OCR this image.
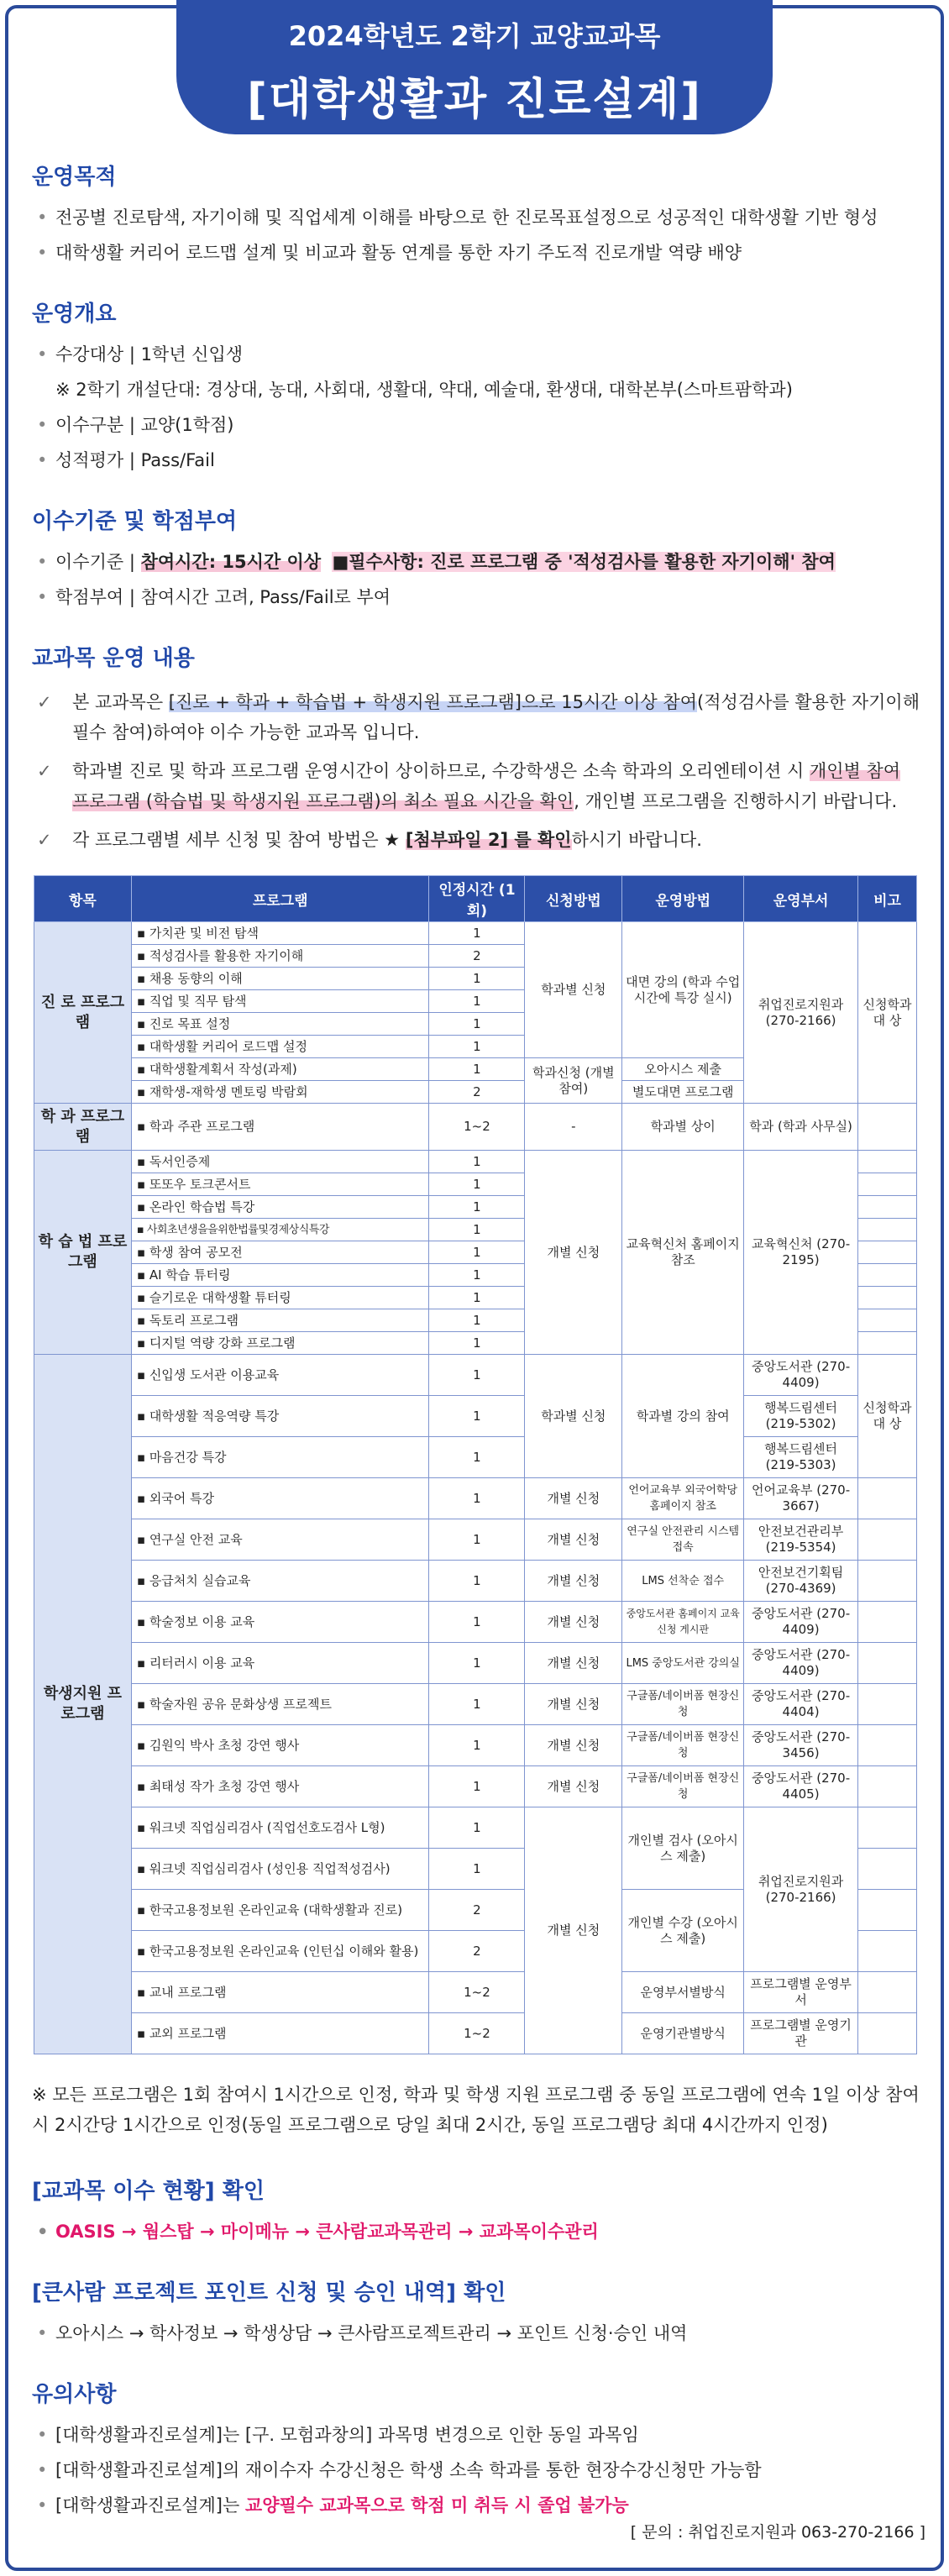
2024학년도 2학기 교양교과목
[대학생활과 진로설계]
운영목적
• 전공별 진로탐색, 자기이해 및 직업세계 이해를 바탕으로 한 진로목표설정으로 성공적인 대학생활 기반 형성
• 대학생활 커리어 로드맵 설계 및 비교과 활동 연계를 통한 자기 주도적 진로개발 역량 배양
운영개요
• 수강대상 | 1학년 신입생
※ 2학기 개설단대: 경상대, 농대, 사회대, 생활대, 약대, 예술대, 환생대, 대학본부(스마트팜학과)
• 이수구분 | 교양(1학점)
• 성적평가 | Pass/Fail
이수기준 및 학점부여
• 이수기준 | 참여시간: 15시간 이상 ■필수사항: 진로 프로그램 중 '적성검사를 활용한 자기이해' 참여
• 학점부여 | 참여시간 고려, Pass/Fail로 부여
교과목 운영 내용
✓ 본 교과목은 [진로 + 학과 + 학습법 + 학생지원 프로그램]으로 15시간 이상 참여(적성검사를 활용한 자기이해 필수 참여)하여야 이수 가능한 교과목 입니다.
✓ 학과별 진로 및 학과 프로그램 운영시간이 상이하므로, 수강학생은 소속 학과의 오리엔테이션 시 개인별 참여 프로그램 (학습법 및 학생지원 프로그램)의 최소 필요 시간을 확인, 개인별 프로그램을 진행하시기 바랍니다.
✓ 각 프로그램별 세부 신청 및 참여 방법은 ★ [첨부파일 2] 를 확인하시기 바랍니다.
항목	프로그램	인정시간 (1회)	신청방법	운영방법	운영부서	비고
진 로 프로그램	▪ 가치관 및 비전 탐색	1	학과별 신청	대면 강의 (학과 수업시간에 특강 실시)	취업진로지원과 (270-2166)	신청학과 대 상
	▪ 적성검사를 활용한 자기이해	2				
	▪ 채용 동향의 이해	1				
	▪ 직업 및 직무 탐색	1				
	▪ 진로 목표 설정	1				
	▪ 대학생활 커리어 로드맵 설정	1				
	▪ 대학생활계획서 작성(과제)	1	학과신청 (개별 참여)	오아시스 제출		
	▪ 재학생-재학생 멘토링 박람회	2		별도대면 프로그램		
학 과 프로그램	▪ 학과 주관 프로그램	1~2	-	학과별 상이	학과 (학과 사무실)	
학 습 법 프로그램	▪ 독서인증제	1	개별 신청	교육혁신처 홈페이지 참조	교육혁신처 (270-2195)	
	▪ 또또우 토크콘서트	1				
	▪ 온라인 학습법 특강	1				
	▪ 사회초년생을을위한법률및경제상식특강	1				
	▪ 학생 참여 공모전	1				
	▪ AI 학습 튜터링	1				
	▪ 슬기로운 대학생활 튜터링	1				
	▪ 독토리 프로그램	1				
	▪ 디지털 역량 강화 프로그램	1				
학생지원 프로그램	▪ 신입생 도서관 이용교육	1	학과별 신청	학과별 강의 참여	중앙도서관 (270-4409)	신청학과 대 상
	▪ 대학생활 적응역량 특강	1			행복드림센터 (219-5302)	
	▪ 마음건강 특강	1			행복드림센터 (219-5303)	
	▪ 외국어 특강	1	개별 신청	언어교육부 외국어학당 홈페이지 참조	언어교육부 (270-3667)	
	▪ 연구실 안전 교육	1	개별 신청	연구실 안전관리 시스템 접속	안전보건관리부 (219-5354)	
	▪ 응급처치 실습교육	1	개별 신청	LMS 선착순 접수	안전보건기획팀 (270-4369)	
	▪ 학술정보 이용 교육	1	개별 신청	중앙도서관 홈페이지 교육신청 게시판	중앙도서관 (270-4409)	
	▪ 리터러시 이용 교육	1	개별 신청	LMS 중앙도서관 강의실	중앙도서관 (270-4409)	
	▪ 학술자원 공유 문화상생 프로젝트	1	개별 신청	구글폼/네이버폼 현장신청	중앙도서관 (270-4404)	
	▪ 김원익 박사 초청 강연 행사	1	개별 신청	구글폼/네이버폼 현장신청	중앙도서관 (270-3456)	
	▪ 최태성 작가 초청 강연 행사	1	개별 신청	구글폼/네이버폼 현장신청	중앙도서관 (270-4405)	
	▪ 워크넷 직업심리검사 (직업선호도검사 L형)	1	개별 신청	개인별 검사 (오아시스 제출)	취업진로지원과 (270-2166)	
	▪ 워크넷 직업심리검사 (성인용 직업적성검사)	1				
	▪ 한국고용정보원 온라인교육 (대학생활과 진로)	2		개인별 수강 (오아시스 제출)		
	▪ 한국고용정보원 온라인교육 (인턴십 이해와 활용)	2				
	▪ 교내 프로그램	1~2		운영부서별방식	프로그램별 운영부서	
	▪ 교외 프로그램	1~2		운영기관별방식	프로그램별 운영기관	
※ 모든 프로그램은 1회 참여시 1시간으로 인정, 학과 및 학생 지원 프로그램 중 동일 프로그램에 연속 1일 이상 참여시 2시간당 1시간으로 인정(동일 프로그램으로 당일 최대 2시간, 동일 프로그램당 최대 4시간까지 인정)
[교과목 이수 현황] 확인
• OASIS → 웜스탑 → 마이메뉴 → 큰사람교과목관리 → 교과목이수관리
[큰사람 프로젝트 포인트 신청 및 승인 내역] 확인
• 오아시스 → 학사정보 → 학생상담 → 큰사람프로젝트관리 → 포인트 신청·승인 내역
유의사항
• [대학생활과진로설계]는 [구. 모험과창의] 과목명 변경으로 인한 동일 과목임
• [대학생활과진로설계]의 재이수자 수강신청은 학생 소속 학과를 통한 현장수강신청만 가능함
• [대학생활과진로설계]는 교양필수 교과목으로 학점 미 취득 시 졸업 불가능
[ 문의 : 취업진로지원과 063-270-2166 ]
